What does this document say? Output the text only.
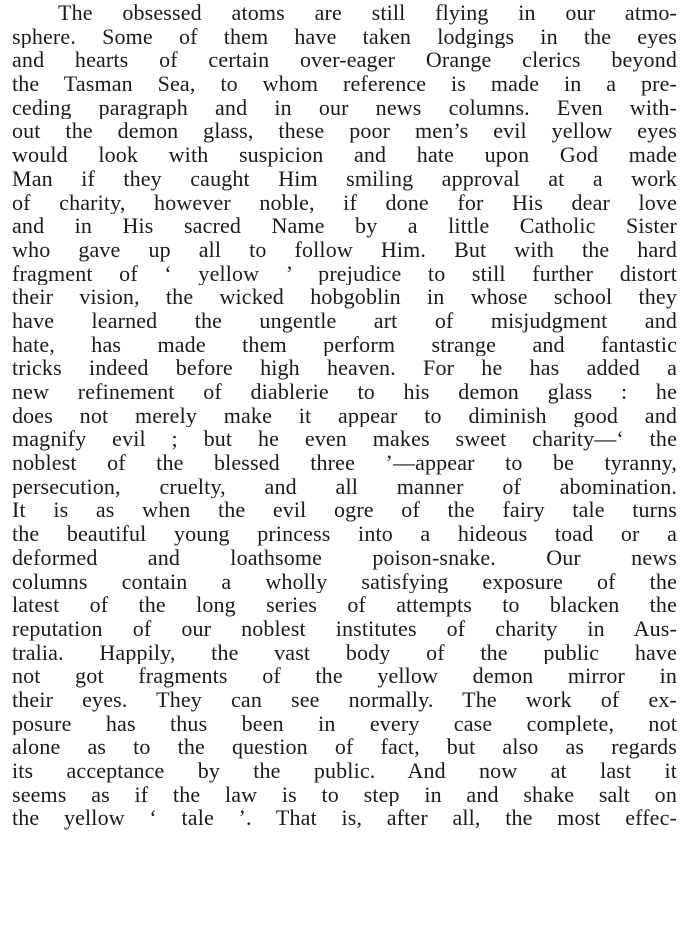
The obsessed atoms are still flying in our atmo-
sphere. Some of them have taken lodgings in the eyes
and hearts of certain over-eager Orange clerics beyond
the Tasman Sea, to whom reference is made in a pre-
ceding paragraph and in our news columns. Even with-
out the demon glass, these poor men’s evil yellow eyes
would look with suspicion and hate upon God made
Man if they caught Him smiling approval at a work
of charity, however noble, if done for His dear love
and in His sacred Name by a little Catholic Sister
who gave up all to follow Him. But with the hard
fragment of ‘ yellow ’ prejudice to still further distort
their vision, the wicked hobgoblin in whose school they
have learned the ungentle art of misjudgment and
hate, has made them perform strange and fantastic
tricks indeed before high heaven. For he has added a
new refinement of diablerie to his demon glass : he
does not merely make it appear to diminish good and
magnify evil ; but he even makes sweet charity—‘ the
noblest of the blessed three ’—appear to be tyranny,
persecution, cruelty, and all manner of abomination.
It is as when the evil ogre of the fairy tale turns
the beautiful young princess into a hideous toad or a
deformed and loathsome poison-snake. Our news
columns contain a wholly satisfying exposure of the
latest of the long series of attempts to blacken the
reputation of our noblest institutes of charity in Aus-
tralia. Happily, the vast body of the public have
not got fragments of the yellow demon mirror in
their eyes. They can see normally. The work of ex-
posure has thus been in every case complete, not
alone as to the question of fact, but also as regards
its acceptance by the public. And now at last it
seems as if the law is to step in and shake salt on
the yellow ‘ tale ’. That is, after all, the most effec-
